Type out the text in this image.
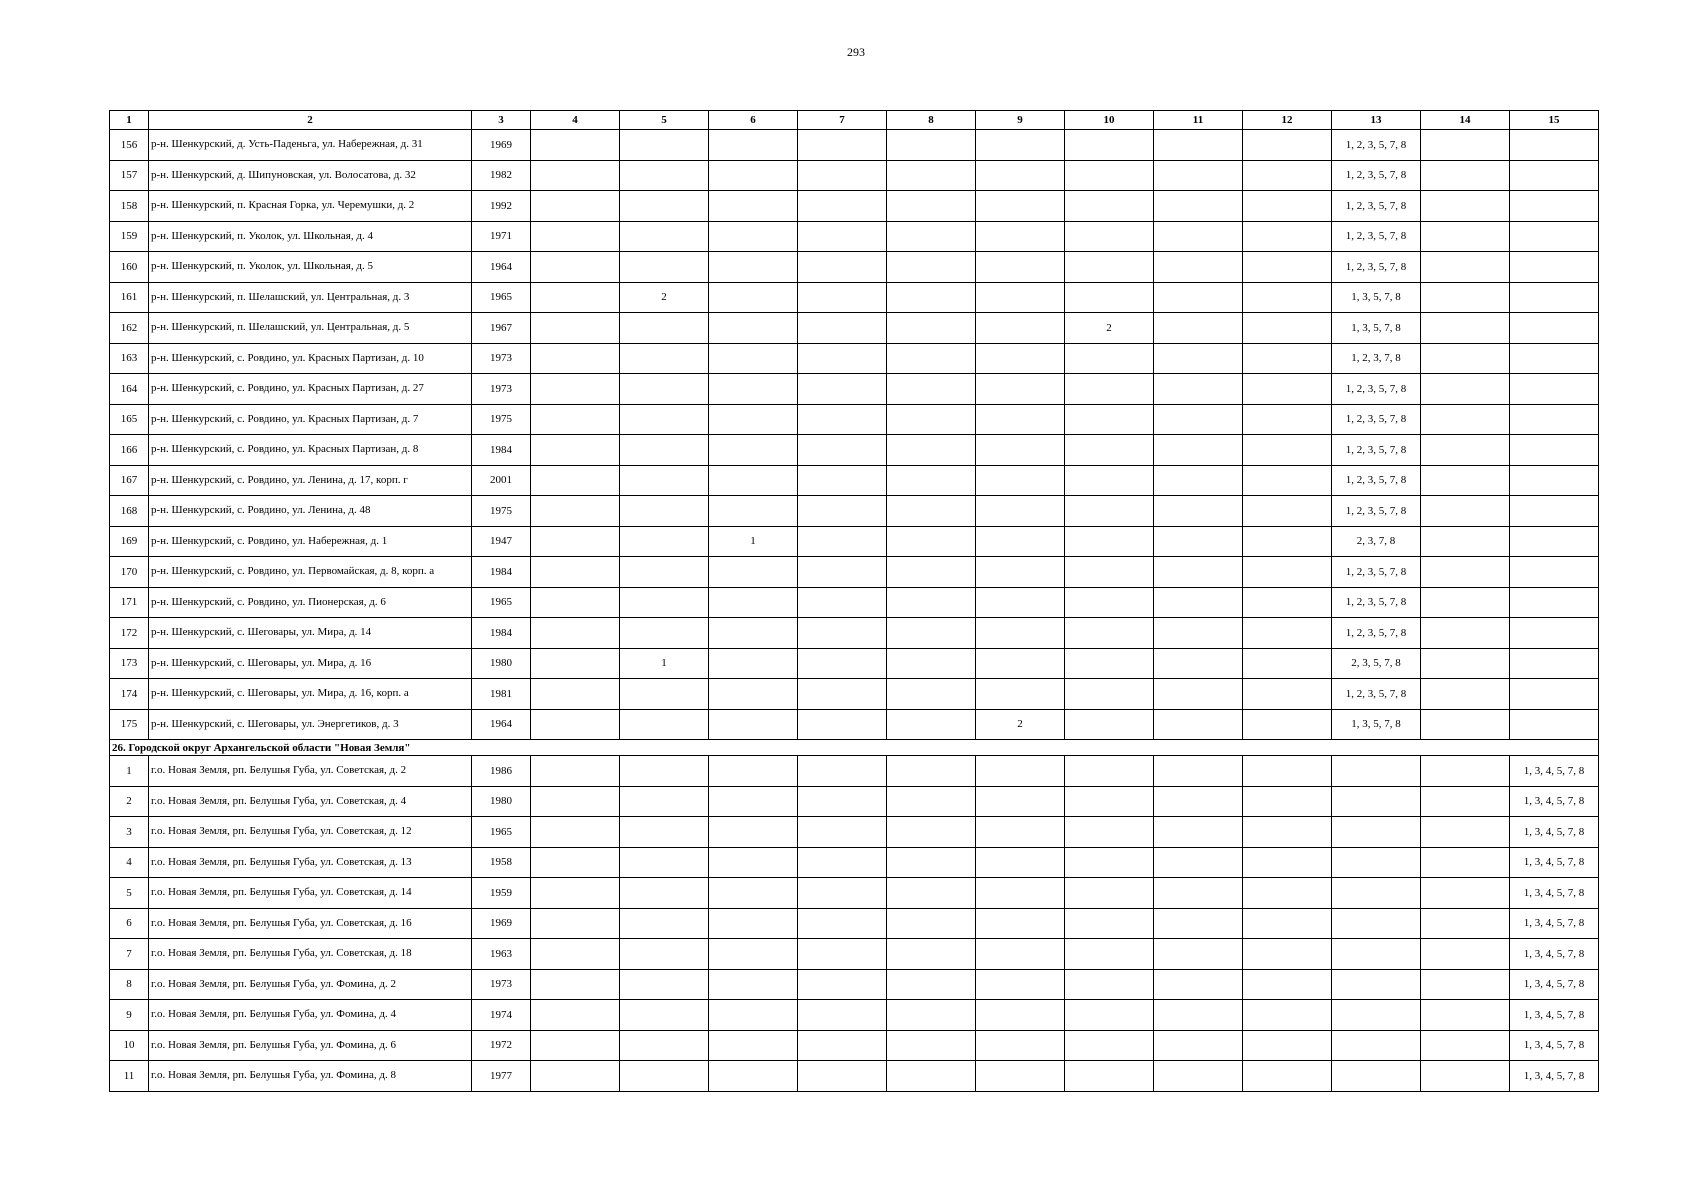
293
1	2	3	4	5	6	7	8	9	10	11	12	13	14	15
156	р-н. Шенкурский, д. Усть-Паденьга, ул. Набережная, д. 31	1969										1, 2, 3, 5, 7, 8		
157	р-н. Шенкурский, д. Шипуновская, ул. Волосатова, д. 32	1982										1, 2, 3, 5, 7, 8		
158	р-н. Шенкурский, п. Красная Горка, ул. Черемушки, д. 2	1992										1, 2, 3, 5, 7, 8		
159	р-н. Шенкурский, п. Уколок, ул. Школьная, д. 4	1971										1, 2, 3, 5, 7, 8		
160	р-н. Шенкурский, п. Уколок, ул. Школьная, д. 5	1964										1, 2, 3, 5, 7, 8		
161	р-н. Шенкурский, п. Шелашский, ул. Центральная, д. 3	1965		2								1, 3, 5, 7, 8		
162	р-н. Шенкурский, п. Шелашский, ул. Центральная, д. 5	1967							2			1, 3, 5, 7, 8		
163	р-н. Шенкурский, с. Ровдино, ул. Красных Партизан, д. 10	1973										1, 2, 3, 7, 8		
164	р-н. Шенкурский, с. Ровдино, ул. Красных Партизан, д. 27	1973										1, 2, 3, 5, 7, 8		
165	р-н. Шенкурский, с. Ровдино, ул. Красных Партизан, д. 7	1975										1, 2, 3, 5, 7, 8		
166	р-н. Шенкурский, с. Ровдино, ул. Красных Партизан, д. 8	1984										1, 2, 3, 5, 7, 8		
167	р-н. Шенкурский, с. Ровдино, ул. Ленина, д. 17, корп. г	2001										1, 2, 3, 5, 7, 8		
168	р-н. Шенкурский, с. Ровдино, ул. Ленина, д. 48	1975										1, 2, 3, 5, 7, 8		
169	р-н. Шенкурский, с. Ровдино, ул. Набережная, д. 1	1947			1							2, 3, 7, 8		
170	р-н. Шенкурский, с. Ровдино, ул. Первомайская, д. 8, корп. а	1984										1, 2, 3, 5, 7, 8		
171	р-н. Шенкурский, с. Ровдино, ул. Пионерская, д. 6	1965										1, 2, 3, 5, 7, 8		
172	р-н. Шенкурский, с. Шеговары, ул. Мира, д. 14	1984										1, 2, 3, 5, 7, 8		
173	р-н. Шенкурский, с. Шеговары, ул. Мира, д. 16	1980		1								2, 3, 5, 7, 8		
174	р-н. Шенкурский, с. Шеговары, ул. Мира, д. 16, корп. а	1981										1, 2, 3, 5, 7, 8		
175	р-н. Шенкурский, с. Шеговары, ул. Энергетиков, д. 3	1964						2				1, 3, 5, 7, 8		
26. Городской округ Архангельской области "Новая Земля"														
1	г.о. Новая Земля, рп. Белушья Губа, ул. Советская, д. 2	1986												1, 3, 4, 5, 7, 8
2	г.о. Новая Земля, рп. Белушья Губа, ул. Советская, д. 4	1980												1, 3, 4, 5, 7, 8
3	г.о. Новая Земля, рп. Белушья Губа, ул. Советская, д. 12	1965												1, 3, 4, 5, 7, 8
4	г.о. Новая Земля, рп. Белушья Губа, ул. Советская, д. 13	1958												1, 3, 4, 5, 7, 8
5	г.о. Новая Земля, рп. Белушья Губа, ул. Советская, д. 14	1959												1, 3, 4, 5, 7, 8
6	г.о. Новая Земля, рп. Белушья Губа, ул. Советская, д. 16	1969												1, 3, 4, 5, 7, 8
7	г.о. Новая Земля, рп. Белушья Губа, ул. Советская, д. 18	1963												1, 3, 4, 5, 7, 8
8	г.о. Новая Земля, рп. Белушья Губа, ул. Фомина, д. 2	1973												1, 3, 4, 5, 7, 8
9	г.о. Новая Земля, рп. Белушья Губа, ул. Фомина, д. 4	1974												1, 3, 4, 5, 7, 8
10	г.о. Новая Земля, рп. Белушья Губа, ул. Фомина, д. 6	1972												1, 3, 4, 5, 7, 8
11	г.о. Новая Земля, рп. Белушья Губа, ул. Фомина, д. 8	1977												1, 3, 4, 5, 7, 8
